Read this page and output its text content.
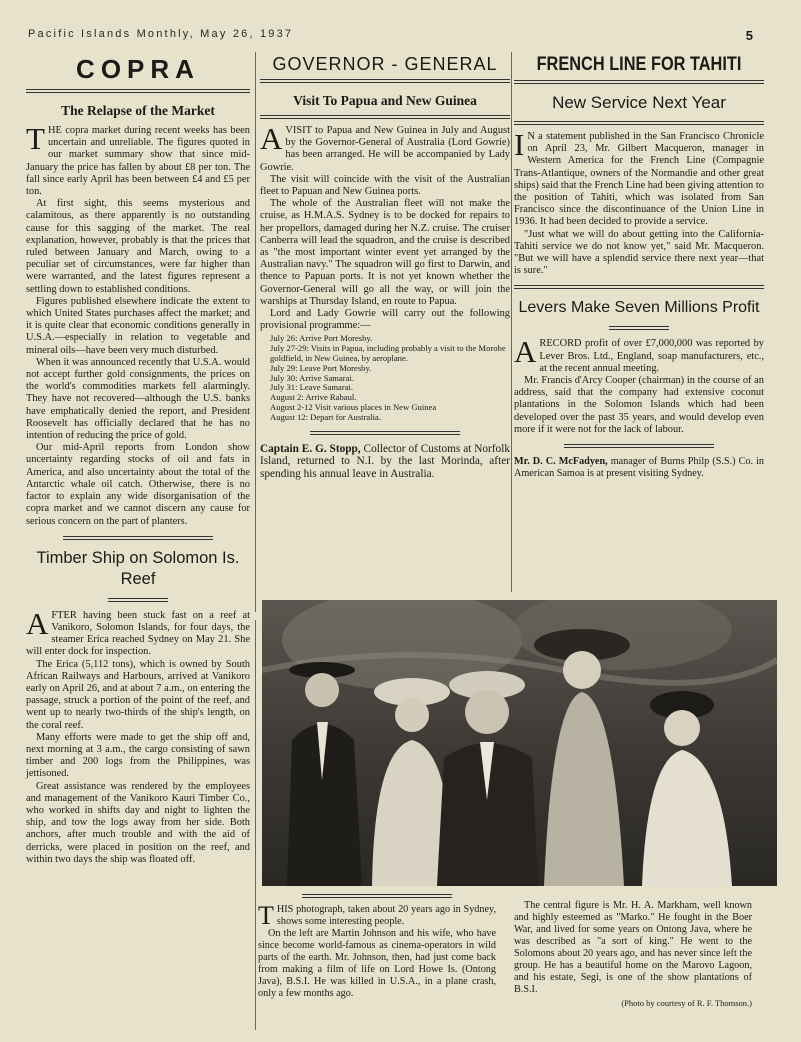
Pacific Islands Monthly, May 26, 1937	5
COPRA
The Relapse of the Market

THE copra market during recent weeks has been uncertain and unreliable. The figures quoted in our market summary show that since mid-January the price has fallen by about £8 per ton. The fall since early April has been between £4 and £5 per ton.

At first sight, this seems mysterious and calamitous, as there apparently is no outstanding cause for this sagging of the market. The real explanation, however, probably is that the prices that ruled between January and March, owing to a peculiar set of circumstances, were far higher than were warranted, and the latest figures represent a settling down to established conditions.

Figures published elsewhere indicate the extent to which United States purchases affect the market; and it is quite clear that economic conditions generally in U.S.A.—especially in relation to vegetable and mineral oils—have been very much disturbed.

When it was announced recently that U.S.A. would not accept further gold consignments, the prices on the world's commodities markets fell alarmingly. They have not recovered—although the U.S. banks have emphatically denied the report, and President Roosevelt has officially declared that he has no intention of reducing the price of gold.

Our mid-April reports from London show uncertainty regarding stocks of oil and fats in America, and also uncertainty about the total of the Antarctic whale oil catch. Otherwise, there is no factor to explain any wide disorganisation of the copra market and we cannot discern any cause for serious concern on the part of planters.

Timber Ship on Solomon Is. Reef

AFTER having been stuck fast on a reef at Vanikoro, Solomon Islands, for four days, the steamer Erica reached Sydney on May 21. She will enter dock for inspection.

The Erica (5,112 tons), which is owned by South African Railways and Harbours, arrived at Vanikoro early on April 26, and at about 7 a.m., on entering the passage, struck a portion of the point of the reef, and went up to nearly two-thirds of the ship's length, on the coral reef.

Many efforts were made to get the ship off and, next morning at 3 a.m., the cargo consisting of sawn timber and 200 logs from the Philippines, was jettisoned.

Great assistance was rendered by the employees and management of the Vanikoro Kauri Timber Co., who worked in shifts day and night to lighten the ship, and tow the logs away from her side. Both anchors, after much trouble and with the aid of derricks, were placed in position on the reef, and within two days the ship was floated off.

GOVERNOR - GENERAL
Visit To Papua and New Guinea

AVISIT to Papua and New Guinea in July and August by the Governor-General of Australia (Lord Gowrie) has been arranged. He will be accompanied by Lady Gowrie.

The visit will coincide with the visit of the Australian fleet to Papuan and New Guinea ports.

The whole of the Australian fleet will not make the cruise, as H.M.A.S. Sydney is to be docked for repairs to her propellors, damaged during her N.Z. cruise. The cruiser Canberra will lead the squadron, and the cruise is described as "the most important winter event yet arranged by the Australian navy." The squadron will go first to Darwin, and thence to Papuan ports. It is not yet known whether the Governor-General will go all the way, or will join the warships at Thursday Island, en route to Papua.

Lord and Lady Gowrie will carry out the following provisional programme:—

July 26: Arrive Port Moresby.
July 27-29: Visits in Papua, including probably a visit to the Morobe goldfield, in New Guinea, by aeroplane.
July 29: Leave Port Moresby.
July 30: Arrive Samarai.
July 31: Leave Samarai.
August 2: Arrive Rabaul.
August 2-12 Visit various places in New Guinea
August 12: Depart for Australia.

Captain E. G. Stopp, Collector of Customs at Norfolk Island, returned to N.I. by the last Morinda, after spending his annual leave in Australia.

FRENCH LINE FOR TAHITI
New Service Next Year

I N a statement published in the San Francisco Chronicle on April 23, Mr. Gilbert Macqueron, manager in Western America for the French Line (Compagnie Trans-Atlantique, owners of the Normandie and other great ships) said that the French Line had been giving attention to the position of Tahiti, which was isolated from San Francisco since the discontinuance of the Union Line in 1936. It had been decided to provide a service.

"Just what we will do about getting into the California-Tahiti service we do not know yet," said Mr. Macqueron. "But we will have a splendid service there next year—that is sure."

Levers Make Seven Millions Profit

ARECORD profit of over £7,000,000 was reported by Lever Bros. Ltd., England, soap manufacturers, etc., at the recent annual meeting.

Mr. Francis d'Arcy Cooper (chairman) in the course of an address, said that the company had extensive coconut plantations in the Solomon Islands which had been developed over the past 35 years, and would develop even more if it were not for the lack of labour.

Mr. D. C. McFadyen, manager of Burns Philp (S.S.) Co. in American Samoa is at present visiting Sydney.

THIS photograph, taken about 20 years ago in Sydney, shows some interesting people.

On the left are Martin Johnson and his wife, who have since become world-famous as cinema-operators in wild parts of the earth. Mr. Johnson, then, had just come back from making a film of life on Lord Howe Is. (Ontong Java), B.S.I. He was killed in U.S.A., in a plane crash, only a few months ago.

The central figure is Mr. H. A. Markham, well known and highly esteemed as "Marko." He fought in the Boer War, and lived for some years on Ontong Java, where he was described as "a sort of king." He went to the Solomons about 20 years ago, and has never since left the group. He has a beautiful home on the Marovo Lagoon, and his estate, Segi, is one of the show plantations of B.S.I.

(Photo by courtesy of R. F. Thomson.)
